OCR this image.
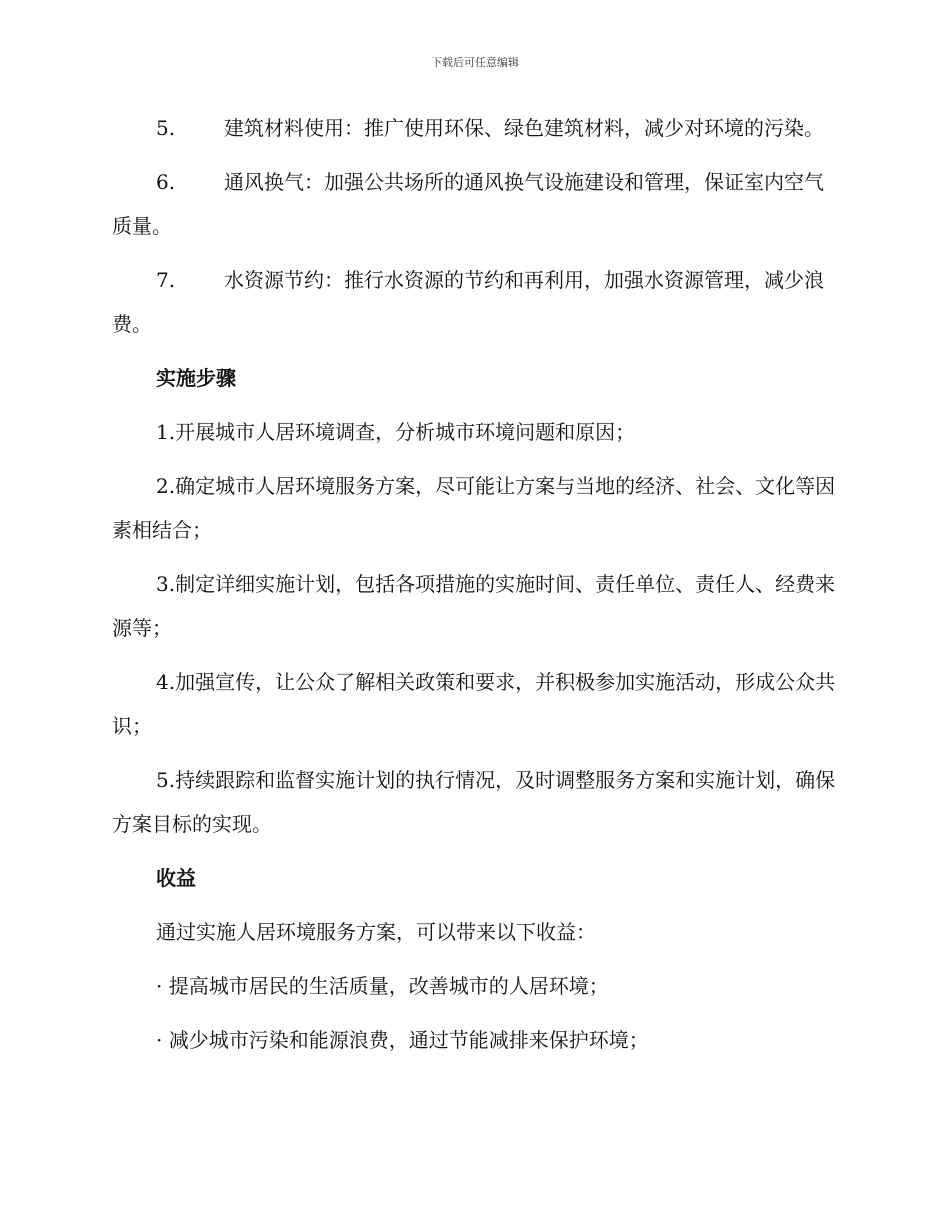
下载后可任意编辑

5. 建筑材料使用：推广使用环保、绿色建筑材料，减少对环境的污染。

6. 通风换气：加强公共场所的通风换气设施建设和管理，保证室内空气质量。

7. 水资源节约：推行水资源的节约和再利用，加强水资源管理，减少浪费。

实施步骤

1.开展城市人居环境调查，分析城市环境问题和原因；

2.确定城市人居环境服务方案，尽可能让方案与当地的经济、社会、文化等因素相结合；

3.制定详细实施计划，包括各项措施的实施时间、责任单位、责任人、经费来源等；

4.加强宣传，让公众了解相关政策和要求，并积极参加实施活动，形成公众共识；

5.持续跟踪和监督实施计划的执行情况，及时调整服务方案和实施计划，确保方案目标的实现。

收益

通过实施人居环境服务方案，可以带来以下收益：

· 提高城市居民的生活质量，改善城市的人居环境；

· 减少城市污染和能源浪费，通过节能减排来保护环境；
